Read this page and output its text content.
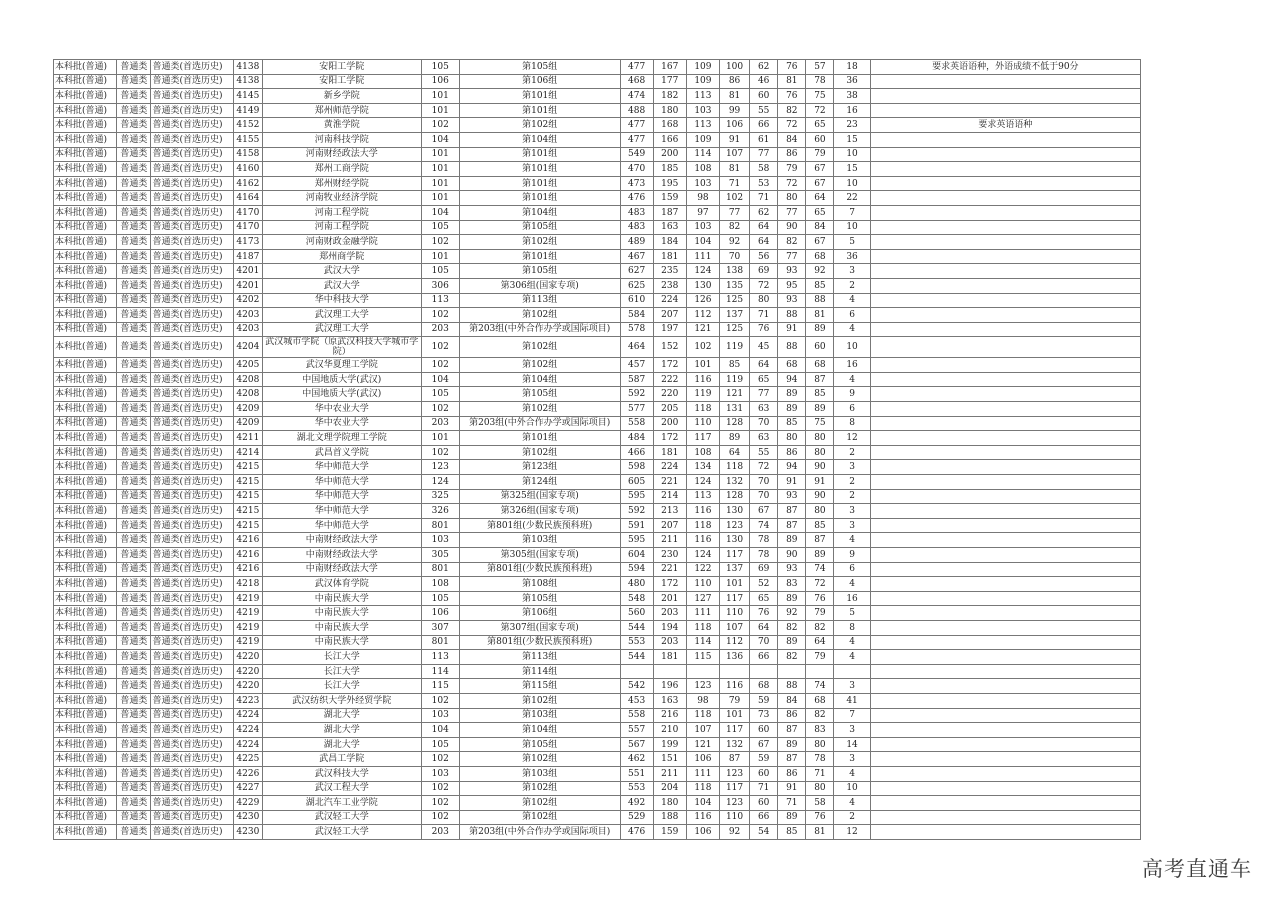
本科批(普通)	普通类	普通类(首选历史)	4138	安阳工学院	105	第105组	477	167	109	100	62	76	57	18	要求英语语种，外语成绩不低于90分
本科批(普通)	普通类	普通类(首选历史)	4138	安阳工学院	106	第106组	468	177	109	86	46	81	78	36	
本科批(普通)	普通类	普通类(首选历史)	4145	新乡学院	101	第101组	474	182	113	81	60	76	75	38	
本科批(普通)	普通类	普通类(首选历史)	4149	郑州师范学院	101	第101组	488	180	103	99	55	82	72	16	
本科批(普通)	普通类	普通类(首选历史)	4152	黄淮学院	102	第102组	477	168	113	106	66	72	65	23	要求英语语种
本科批(普通)	普通类	普通类(首选历史)	4155	河南科技学院	104	第104组	477	166	109	91	61	84	60	15	
本科批(普通)	普通类	普通类(首选历史)	4158	河南财经政法大学	101	第101组	549	200	114	107	77	86	79	10	
本科批(普通)	普通类	普通类(首选历史)	4160	郑州工商学院	101	第101组	470	185	108	81	58	79	67	15	
本科批(普通)	普通类	普通类(首选历史)	4162	郑州财经学院	101	第101组	473	195	103	71	53	72	67	10	
本科批(普通)	普通类	普通类(首选历史)	4164	河南牧业经济学院	101	第101组	476	159	98	102	71	80	64	22	
本科批(普通)	普通类	普通类(首选历史)	4170	河南工程学院	104	第104组	483	187	97	77	62	77	65	7	
本科批(普通)	普通类	普通类(首选历史)	4170	河南工程学院	105	第105组	483	163	103	82	64	90	84	10	
本科批(普通)	普通类	普通类(首选历史)	4173	河南财政金融学院	102	第102组	489	184	104	92	64	82	67	5	
本科批(普通)	普通类	普通类(首选历史)	4187	郑州商学院	101	第101组	467	181	111	70	56	77	68	36	
本科批(普通)	普通类	普通类(首选历史)	4201	武汉大学	105	第105组	627	235	124	138	69	93	92	3	
本科批(普通)	普通类	普通类(首选历史)	4201	武汉大学	306	第306组(国家专项)	625	238	130	135	72	95	85	2	
本科批(普通)	普通类	普通类(首选历史)	4202	华中科技大学	113	第113组	610	224	126	125	80	93	88	4	
本科批(普通)	普通类	普通类(首选历史)	4203	武汉理工大学	102	第102组	584	207	112	137	71	88	81	6	
本科批(普通)	普通类	普通类(首选历史)	4203	武汉理工大学	203	第203组(中外合作办学或国际项目)	578	197	121	125	76	91	89	4	
本科批(普通)	普通类	普通类(首选历史)	4204	武汉城市学院（原武汉科技大学城市学院）	102	第102组	464	152	102	119	45	88	60	10	
本科批(普通)	普通类	普通类(首选历史)	4205	武汉华夏理工学院	102	第102组	457	172	101	85	64	68	68	16	
本科批(普通)	普通类	普通类(首选历史)	4208	中国地质大学(武汉)	104	第104组	587	222	116	119	65	94	87	4	
本科批(普通)	普通类	普通类(首选历史)	4208	中国地质大学(武汉)	105	第105组	592	220	119	121	77	89	85	9	
本科批(普通)	普通类	普通类(首选历史)	4209	华中农业大学	102	第102组	577	205	118	131	63	89	89	6	
本科批(普通)	普通类	普通类(首选历史)	4209	华中农业大学	203	第203组(中外合作办学或国际项目)	558	200	110	128	70	85	75	8	
本科批(普通)	普通类	普通类(首选历史)	4211	湖北文理学院理工学院	101	第101组	484	172	117	89	63	80	80	12	
本科批(普通)	普通类	普通类(首选历史)	4214	武昌首义学院	102	第102组	466	181	108	64	55	86	80	2	
本科批(普通)	普通类	普通类(首选历史)	4215	华中师范大学	123	第123组	598	224	134	118	72	94	90	3	
本科批(普通)	普通类	普通类(首选历史)	4215	华中师范大学	124	第124组	605	221	124	132	70	91	91	2	
本科批(普通)	普通类	普通类(首选历史)	4215	华中师范大学	325	第325组(国家专项)	595	214	113	128	70	93	90	2	
本科批(普通)	普通类	普通类(首选历史)	4215	华中师范大学	326	第326组(国家专项)	592	213	116	130	67	87	80	3	
本科批(普通)	普通类	普通类(首选历史)	4215	华中师范大学	801	第801组(少数民族预科班)	591	207	118	123	74	87	85	3	
本科批(普通)	普通类	普通类(首选历史)	4216	中南财经政法大学	103	第103组	595	211	116	130	78	89	87	4	
本科批(普通)	普通类	普通类(首选历史)	4216	中南财经政法大学	305	第305组(国家专项)	604	230	124	117	78	90	89	9	
本科批(普通)	普通类	普通类(首选历史)	4216	中南财经政法大学	801	第801组(少数民族预科班)	594	221	122	137	69	93	74	6	
本科批(普通)	普通类	普通类(首选历史)	4218	武汉体育学院	108	第108组	480	172	110	101	52	83	72	4	
本科批(普通)	普通类	普通类(首选历史)	4219	中南民族大学	105	第105组	548	201	127	117	65	89	76	16	
本科批(普通)	普通类	普通类(首选历史)	4219	中南民族大学	106	第106组	560	203	111	110	76	92	79	5	
本科批(普通)	普通类	普通类(首选历史)	4219	中南民族大学	307	第307组(国家专项)	544	194	118	107	64	82	82	8	
本科批(普通)	普通类	普通类(首选历史)	4219	中南民族大学	801	第801组(少数民族预科班)	553	203	114	112	70	89	64	4	
本科批(普通)	普通类	普通类(首选历史)	4220	长江大学	113	第113组	544	181	115	136	66	82	79	4	
本科批(普通)	普通类	普通类(首选历史)	4220	长江大学	114	第114组									
本科批(普通)	普通类	普通类(首选历史)	4220	长江大学	115	第115组	542	196	123	116	68	88	74	3	
本科批(普通)	普通类	普通类(首选历史)	4223	武汉纺织大学外经贸学院	102	第102组	453	163	98	79	59	84	68	41	
本科批(普通)	普通类	普通类(首选历史)	4224	湖北大学	103	第103组	558	216	118	101	73	86	82	7	
本科批(普通)	普通类	普通类(首选历史)	4224	湖北大学	104	第104组	557	210	107	117	60	87	83	3	
本科批(普通)	普通类	普通类(首选历史)	4224	湖北大学	105	第105组	567	199	121	132	67	89	80	14	
本科批(普通)	普通类	普通类(首选历史)	4225	武昌工学院	102	第102组	462	151	106	87	59	87	78	3	
本科批(普通)	普通类	普通类(首选历史)	4226	武汉科技大学	103	第103组	551	211	111	123	60	86	71	4	
本科批(普通)	普通类	普通类(首选历史)	4227	武汉工程大学	102	第102组	553	204	118	117	71	91	80	10	
本科批(普通)	普通类	普通类(首选历史)	4229	湖北汽车工业学院	102	第102组	492	180	104	123	60	71	58	4	
本科批(普通)	普通类	普通类(首选历史)	4230	武汉轻工大学	102	第102组	529	188	116	110	66	89	76	2	
本科批(普通)	普通类	普通类(首选历史)	4230	武汉轻工大学	203	第203组(中外合作办学或国际项目)	476	159	106	92	54	85	81	12	
高考直通车
